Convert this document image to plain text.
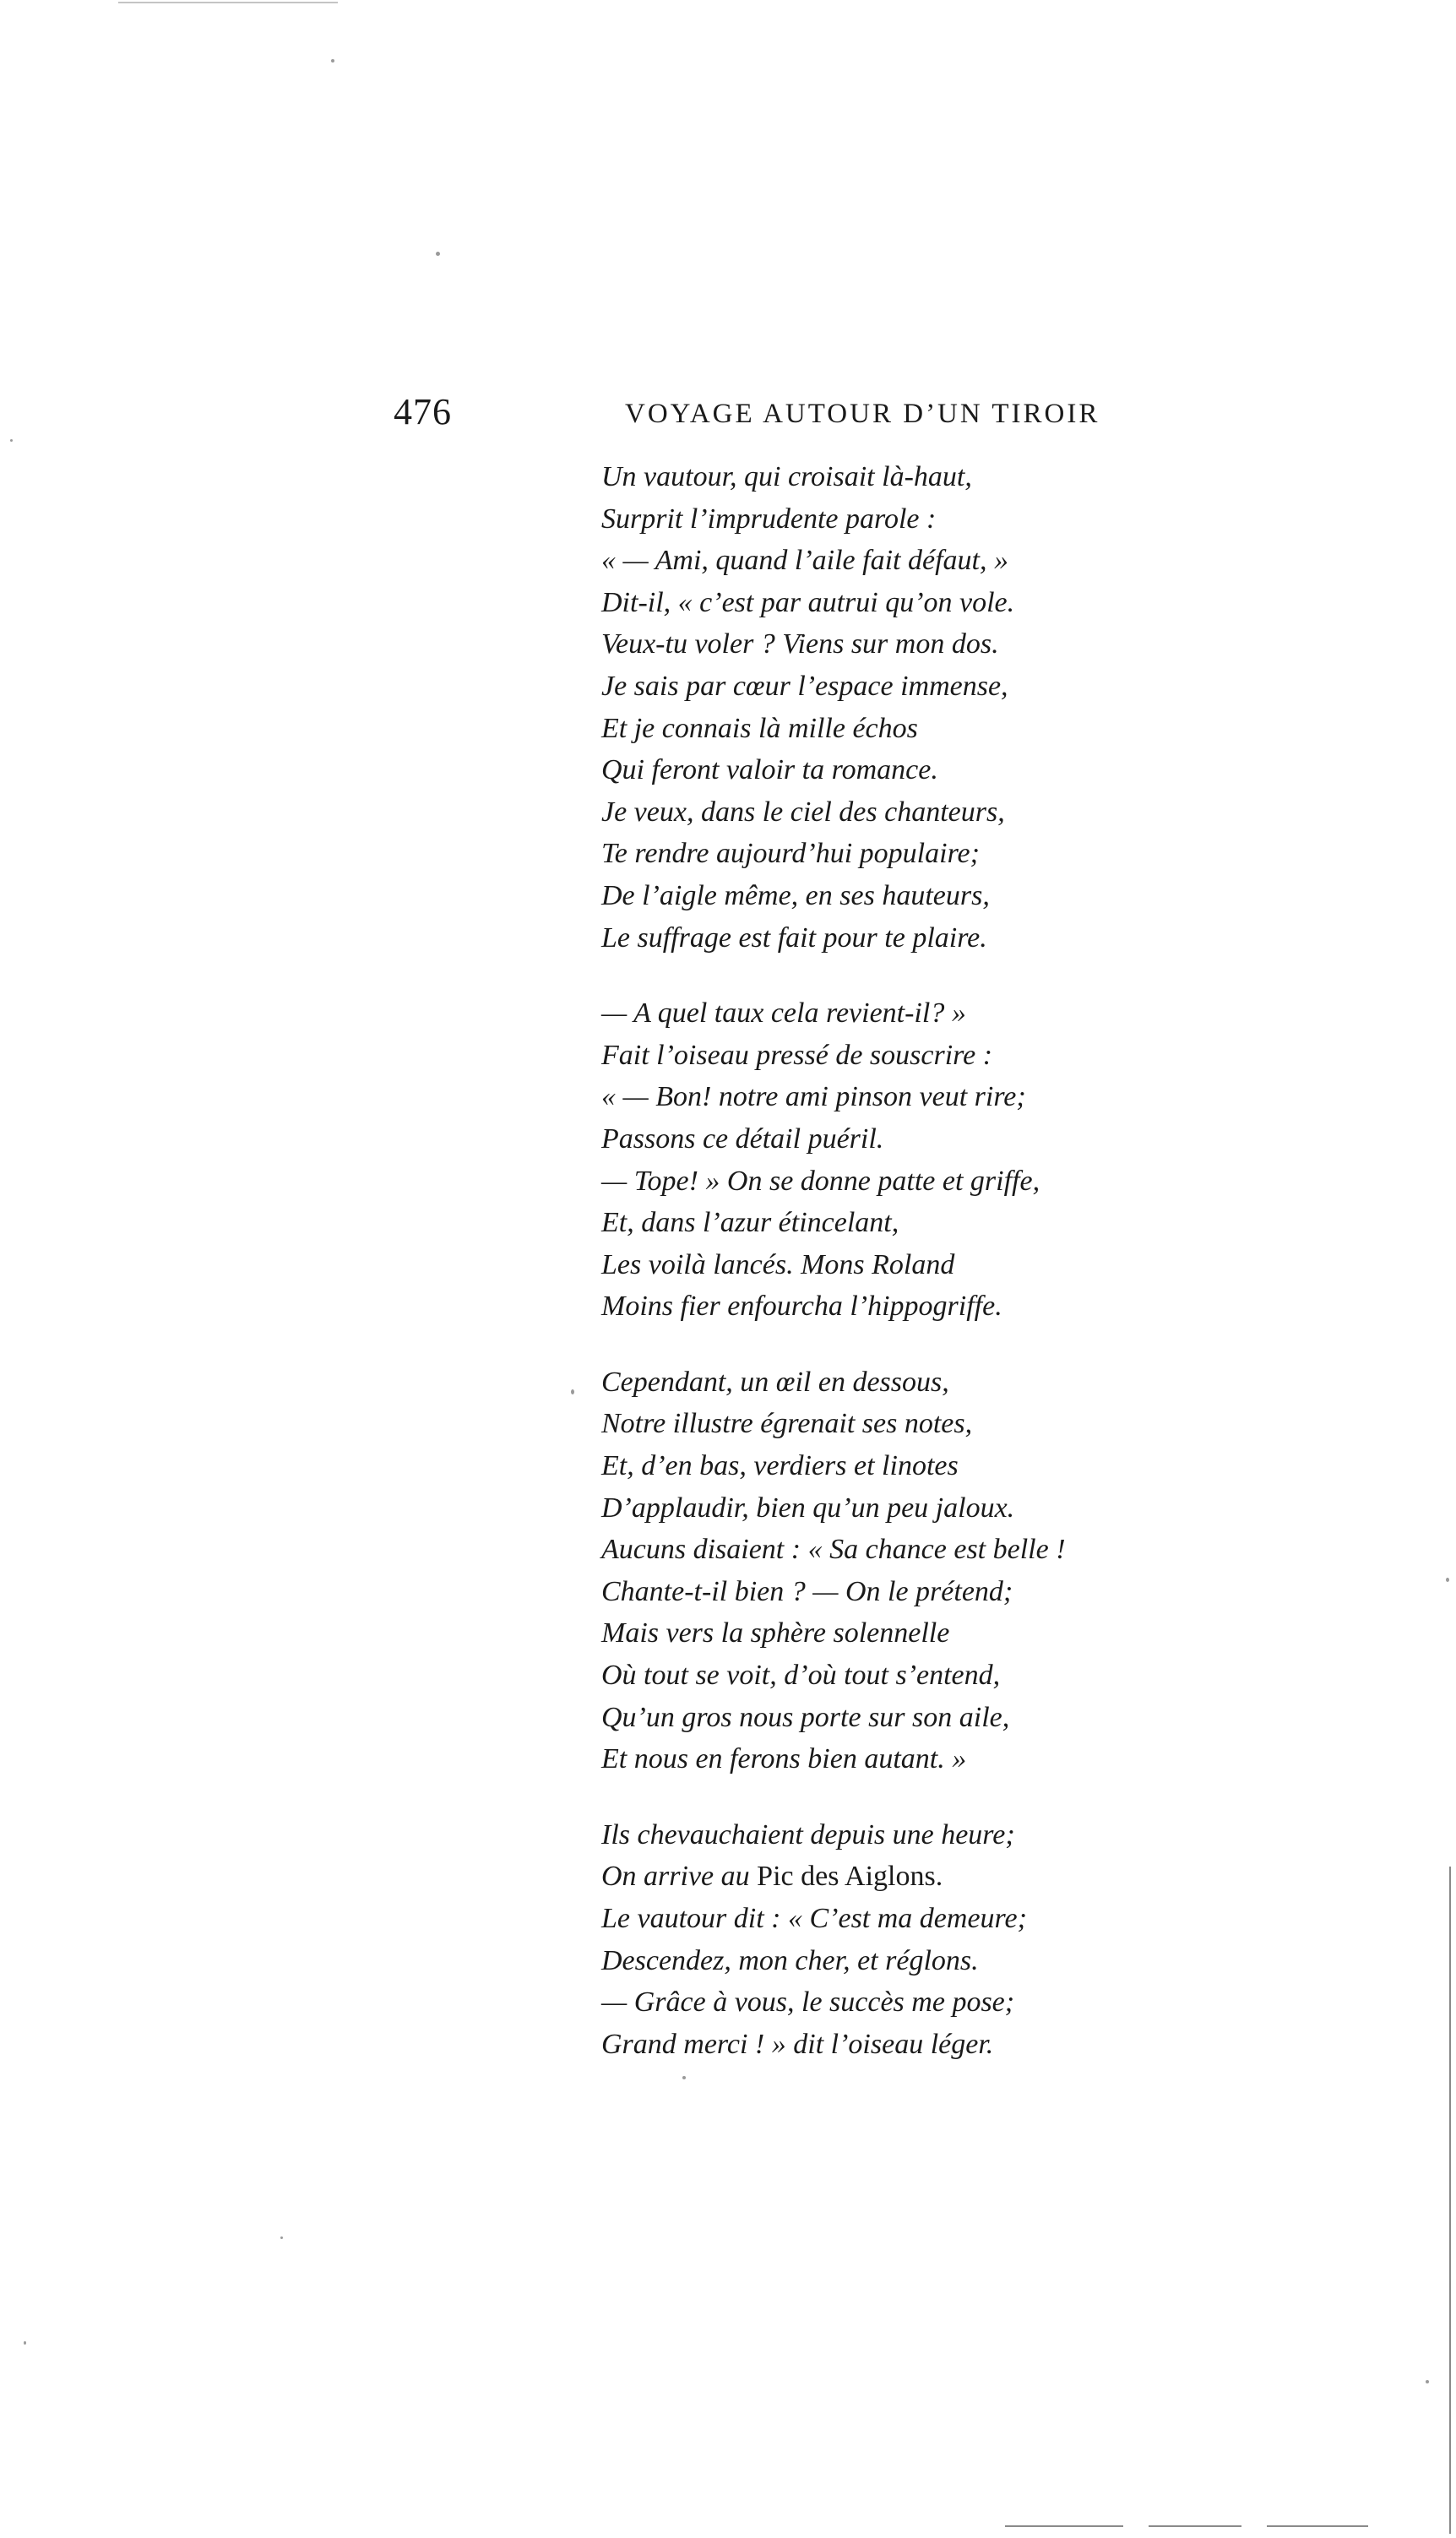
476	VOYAGE AUTOUR D’UN TIROIR
Un vautour, qui croisait là-haut,
Surprit l’imprudente parole :
« — Ami, quand l’aile fait défaut, »
Dit-il, « c’est par autrui qu’on vole.
Veux-tu voler ? Viens sur mon dos.
Je sais par cœur l’espace immense,
Et je connais là mille échos
Qui feront valoir ta romance.
Je veux, dans le ciel des chanteurs,
Te rendre aujourd’hui populaire;
De l’aigle même, en ses hauteurs,
Le suffrage est fait pour te plaire.
— A quel taux cela revient-il? »
Fait l’oiseau pressé de souscrire :
« — Bon! notre ami pinson veut rire;
Passons ce détail puéril.
— Tope! » On se donne patte et griffe,
Et, dans l’azur étincelant,
Les voilà lancés. Mons Roland
Moins fier enfourcha l’hippogriffe.
Cependant, un œil en dessous,
Notre illustre égrenait ses notes,
Et, d’en bas, verdiers et linotes
D’applaudir, bien qu’un peu jaloux.
Aucuns disaient : « Sa chance est belle !
Chante-t-il bien ? — On le prétend;
Mais vers la sphère solennelle
Où tout se voit, d’où tout s’entend,
Qu’un gros nous porte sur son aile,
Et nous en ferons bien autant. »
Ils chevauchaient depuis une heure;
On arrive au Pic des Aiglons.
Le vautour dit : « C’est ma demeure;
Descendez, mon cher, et réglons.
— Grâce à vous, le succès me pose;
Grand merci ! » dit l’oiseau léger.
